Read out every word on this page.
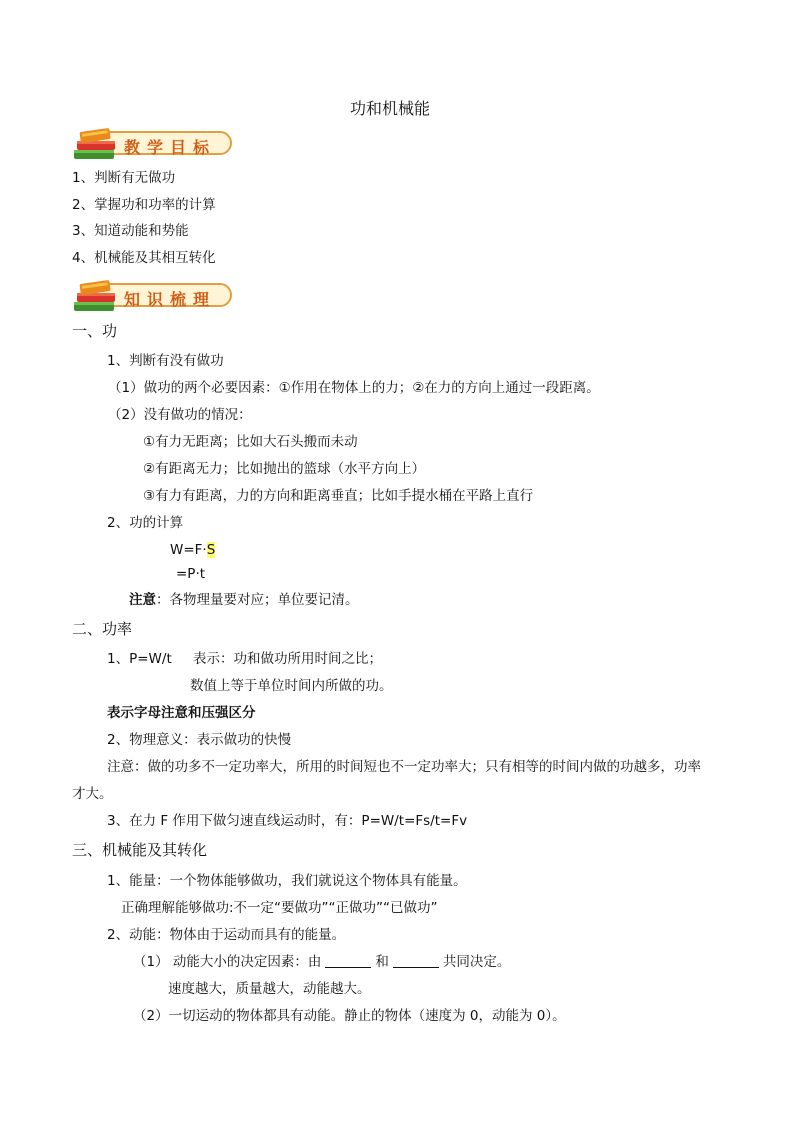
功和机械能
教学目标
1、判断有无做功
2、掌握功和功率的计算
3、知道动能和势能
4、机械能及其相互转化
知识梳理
一、功
1、判断有没有做功
（1）做功的两个必要因素：①作用在物体上的力；②在力的方向上通过一段距离。
（2）没有做功的情况：
①有力无距离；比如大石头搬而未动
②有距离无力；比如抛出的篮球（水平方向上）
③有力有距离，力的方向和距离垂直；比如手提水桶在平路上直行
2、功的计算
W=F·S
=P·t
注意：各物理量要对应；单位要记清。
二、功率
1、P=W/t 表示：功和做功所用时间之比；
数值上等于单位时间内所做的功。
表示字母注意和压强区分
2、物理意义：表示做功的快慢
注意：做的功多不一定功率大，所用的时间短也不一定功率大；只有相等的时间内做的功越多，功率
才大。
3、在力 F 作用下做匀速直线运动时，有：P=W/t=Fs/t=Fv
三、机械能及其转化
1、能量：一个物体能够做功，我们就说这个物体具有能量。
正确理解能够做功:不一定“要做功”“正做功”“已做功”
2、动能：物体由于运动而具有的能量。
（1） 动能大小的决定因素：由	和	共同决定。
速度越大，质量越大，动能越大。
（2）一切运动的物体都具有动能。静止的物体（速度为 0，动能为 0）。
